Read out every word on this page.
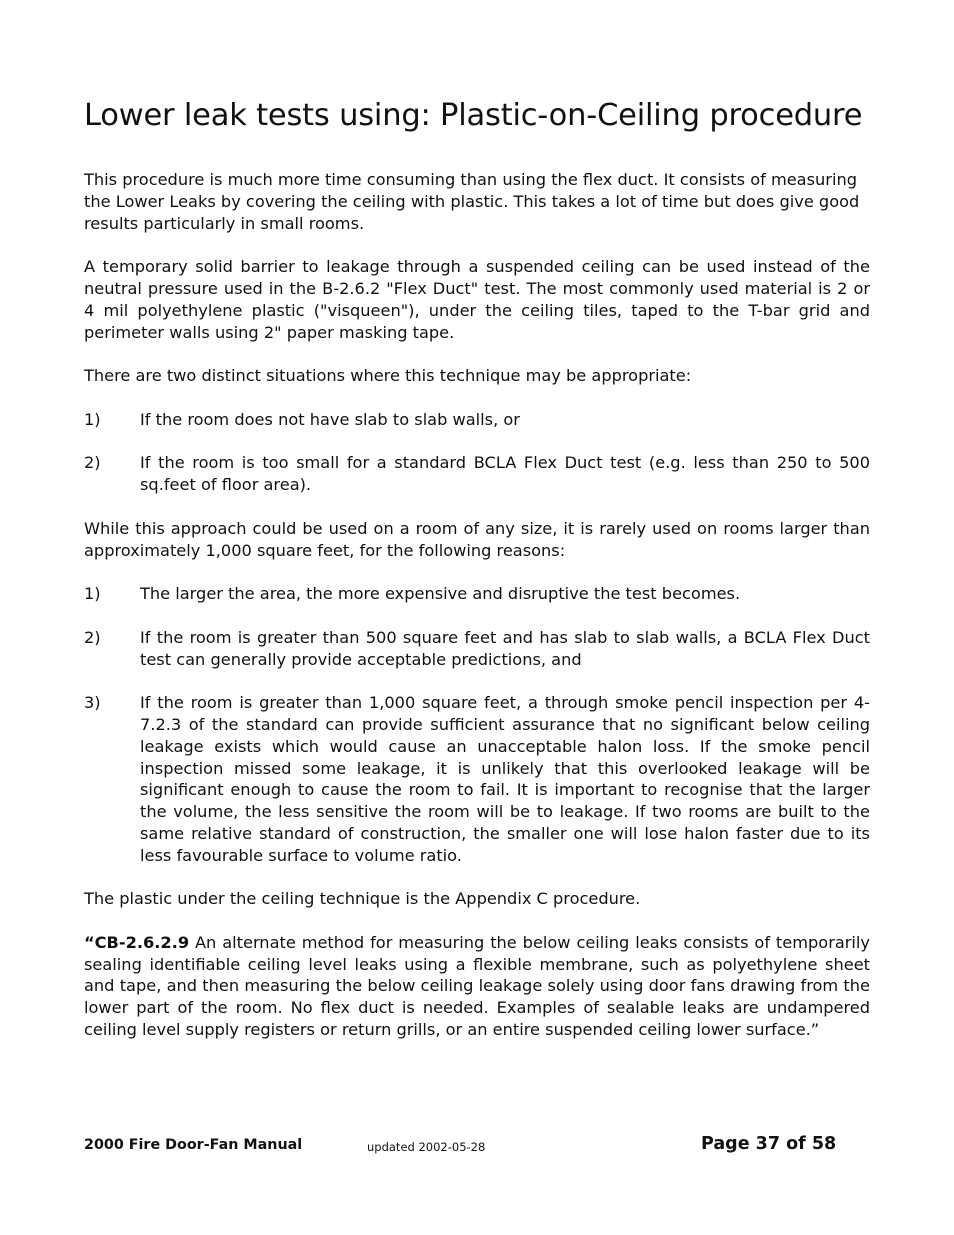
Lower leak tests using: Plastic-on-Ceiling procedure

This procedure is much more time consuming than using the flex duct. It consists of measuring the Lower Leaks by covering the ceiling with plastic. This takes a lot of time but does give good results particularly in small rooms.

A temporary solid barrier to leakage through a suspended ceiling can be used instead of the neutral pressure used in the B-2.6.2 "Flex Duct" test. The most commonly used material is 2 or 4 mil polyethylene plastic ("visqueen"), under the ceiling tiles, taped to the T-bar grid and perimeter walls using 2" paper masking tape.

There are two distinct situations where this technique may be appropriate:

1)	If the room does not have slab to slab walls, or
2)	If the room is too small for a standard BCLA Flex Duct test (e.g. less than 250 to 500 sq.feet of floor area).

While this approach could be used on a room of any size, it is rarely used on rooms larger than approximately 1,000 square feet, for the following reasons:

1)	The larger the area, the more expensive and disruptive the test becomes.
2)	If the room is greater than 500 square feet and has slab to slab walls, a BCLA Flex Duct test can generally provide acceptable predictions, and
3)	If the room is greater than 1,000 square feet, a through smoke pencil inspection per 4-7.2.3 of the standard can provide sufficient assurance that no significant below ceiling leakage exists which would cause an unacceptable halon loss. If the smoke pencil inspection missed some leakage, it is unlikely that this overlooked leakage will be significant enough to cause the room to fail. It is important to recognise that the larger the volume, the less sensitive the room will be to leakage. If two rooms are built to the same relative standard of construction, the smaller one will lose halon faster due to its less favourable surface to volume ratio.

The plastic under the ceiling technique is the Appendix C procedure.

“CB-2.6.2.9 An alternate method for measuring the below ceiling leaks consists of temporarily sealing identifiable ceiling level leaks using a flexible membrane, such as polyethylene sheet and tape, and then measuring the below ceiling leakage solely using door fans drawing from the lower part of the room. No flex duct is needed. Examples of sealable leaks are undampered ceiling level supply registers or return grills, or an entire suspended ceiling lower surface.”

2000 Fire Door-Fan Manual	updated 2002-05-28	Page 37 of 58
